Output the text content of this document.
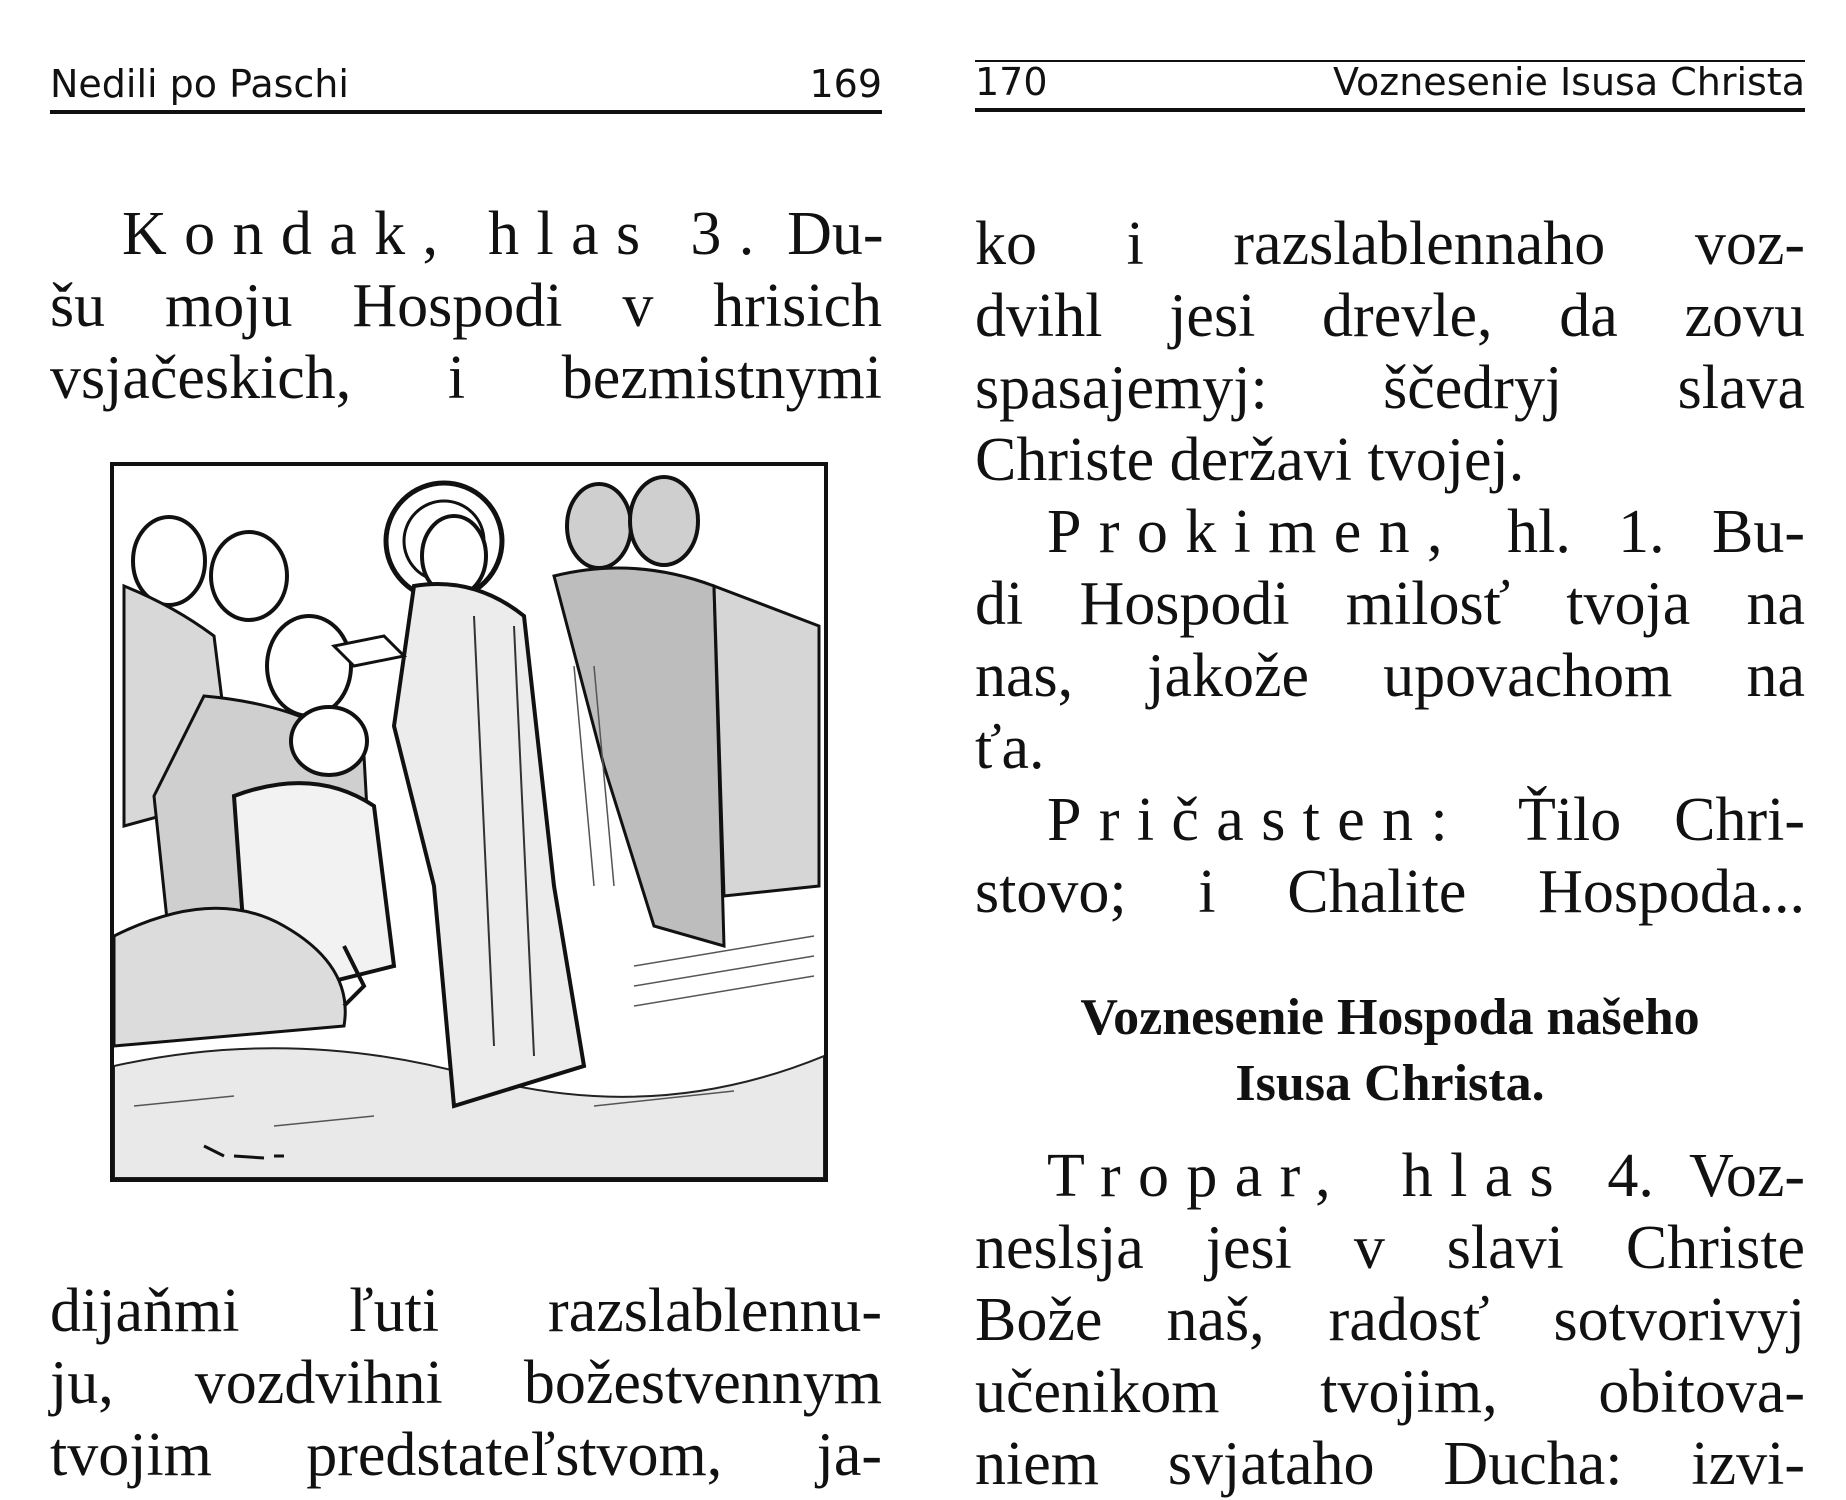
Nedili po Paschi	169
Kondak, hlas 3. Du-
šu moju Hospodi v hrisich
vsjačeskich, i bezmistnymi
dijaňmi ľuti razslablennu-
ju, vozdvihni božestvennym
tvojim predstateľstvom, ja-
170	Voznesenie Isusa Christa
ko i razslablennaho voz-
dvihl jesi drevle, da zovu
spasajemyj: ščedryj slava
Christe deržavi tvojej.
Prokimen, hl. 1. Bu-
di Hospodi milosť tvoja na
nas, jakože upovachom na
ťa.
Pričasten: Ťilo Chri-
stovo; i Chalite Hospoda...
Voznesenie Hospoda našeho
Isusa Christa.
Tropar, hlas 4. Voz-
neslsja jesi v slavi Christe
Bože naš, radosť sotvorivyj
učenikom tvojim, obitova-
niem svjataho Ducha: izvi-
